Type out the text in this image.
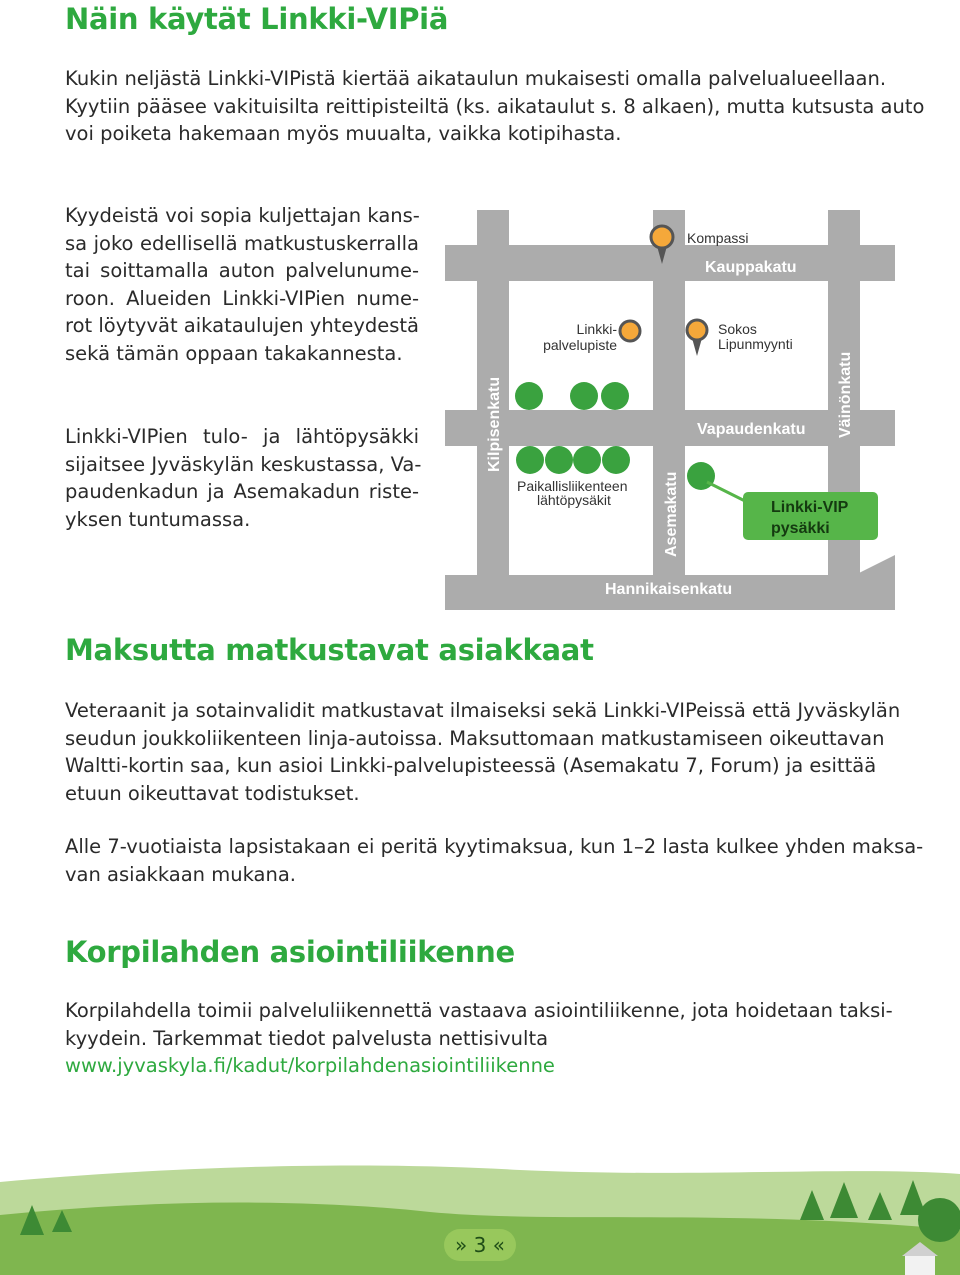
Näin käytät Linkki-VIPiä

Kukin neljästä Linkki-VIPistä kiertää aikataulun mukaisesti omalla palvelualueellaan.
Kyytiin pääsee vakituisilta reittipisteiltä (ks. aikataulut s. 8 alkaen), mutta kutsusta auto
voi poiketa hakemaan myös muualta, vaikka kotipihasta.

Kyydeistä voi sopia kuljettajan kans-
sa joko edellisellä matkustuskerralla
tai soittamalla auton palvelunume-
roon. Alueiden Linkki-VIPien nume-
rot löytyvät aikataulujen yhteydestä
sekä tämän oppaan takakannesta.

Linkki-VIPien tulo- ja lähtöpysäkki
sijaitsee Jyväskylän keskustassa, Va-
paudenkadun ja Asemakadun riste-
yksen tuntumassa.

Kauppakatu
Vapaudenkatu
Hannikaisenkatu
Kilpisenkatu
Asemakatu
Väinönkatu
Kompassi
Linkki-
palvelupiste
Sokos
Lipunmyynti
Paikallisliikenteen
lähtöpysäkit	Linkki-VIP
pysäkki
Maksutta matkustavat asiakkaat

Veteraanit ja sotainvalidit matkustavat ilmaiseksi sekä Linkki-VIPeissä että Jyväskylän
seudun joukkoliikenteen linja-autoissa. Maksuttomaan matkustamiseen oikeuttavan
Waltti-kortin saa, kun asioi Linkki-palvelupisteessä (Asemakatu 7, Forum) ja esittää
etuun oikeuttavat todistukset.

Alle 7-vuotiaista lapsistakaan ei peritä kyytimaksua, kun 1–2 lasta kulkee yhden maksa-
van asiakkaan mukana.

Korpilahden asiointiliikenne

Korpilahdella toimii palveluliikennettä vastaava asiointiliikenne, jota hoidetaan taksi-
kyydein. Tarkemmat tiedot palvelusta nettisivulta
www.jyvaskyla.fi/kadut/korpilahdenasiointiliikenne

» 3 «
